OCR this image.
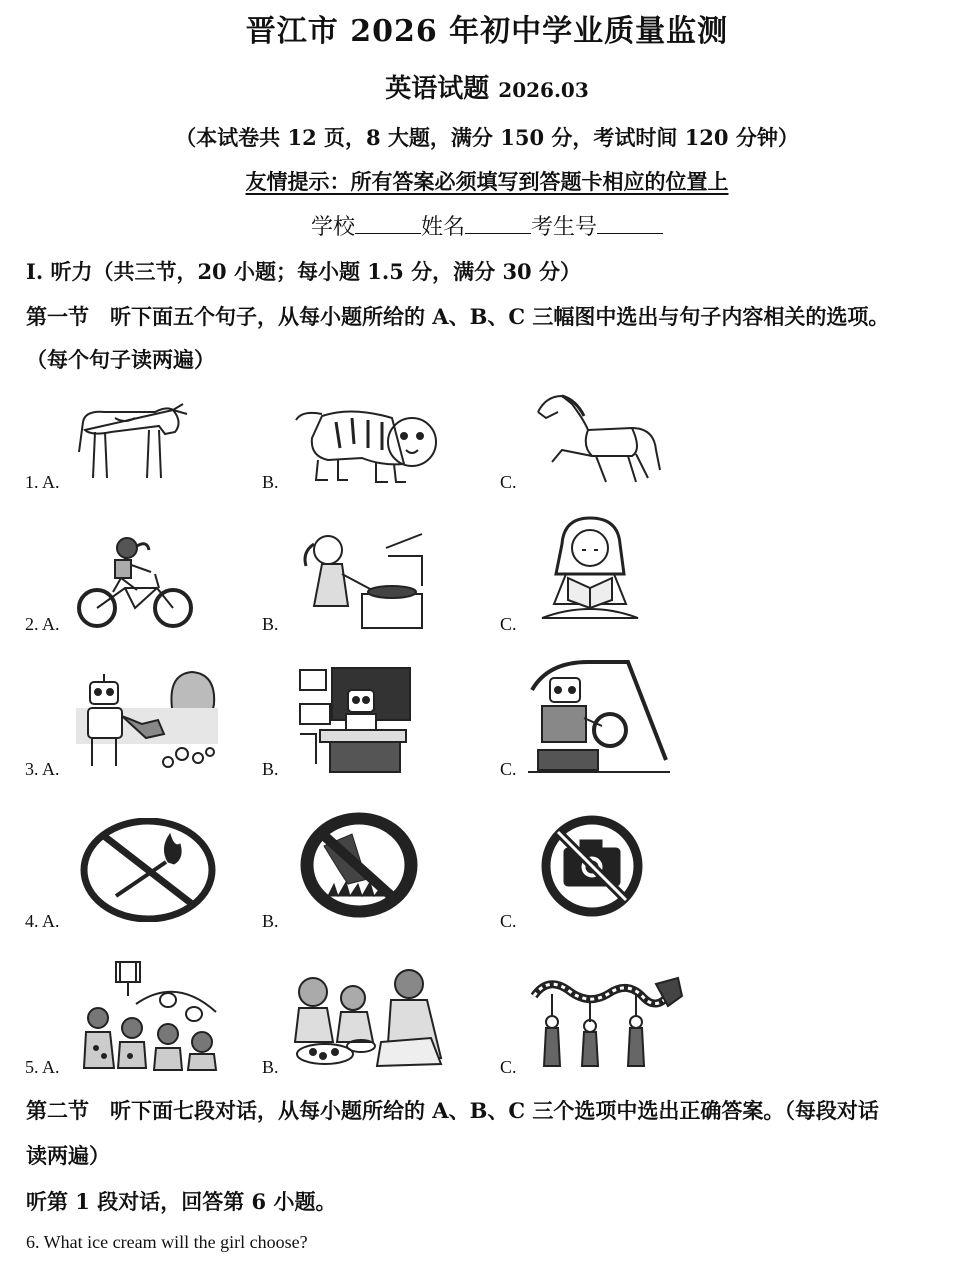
晋江市 2026 年初中学业质量监测
英语试题 2026.03
（本试卷共 12 页，8 大题，满分 150 分，考试时间 120 分钟）
友情提示：所有答案必须填写到答题卡相应的位置上
学校	姓名	考生号
Ⅰ. 听力（共三节，20 小题；每小题 1.5 分，满分 30 分）
第一节　听下面五个句子，从每小题所给的 A、B、C 三幅图中选出与句子内容相关的选项。
（每个句子读两遍）
1. A.	B.	C.
2. A.	B.	C.
3. A.	B.	C.
4. A.	B.	C.
5. A.	B.	C.
第二节　听下面七段对话，从每小题所给的 A、B、C 三个选项中选出正确答案。（每段对话
读两遍）
听第 1 段对话，回答第 6 小题。
6. What ice cream will the girl choose?
